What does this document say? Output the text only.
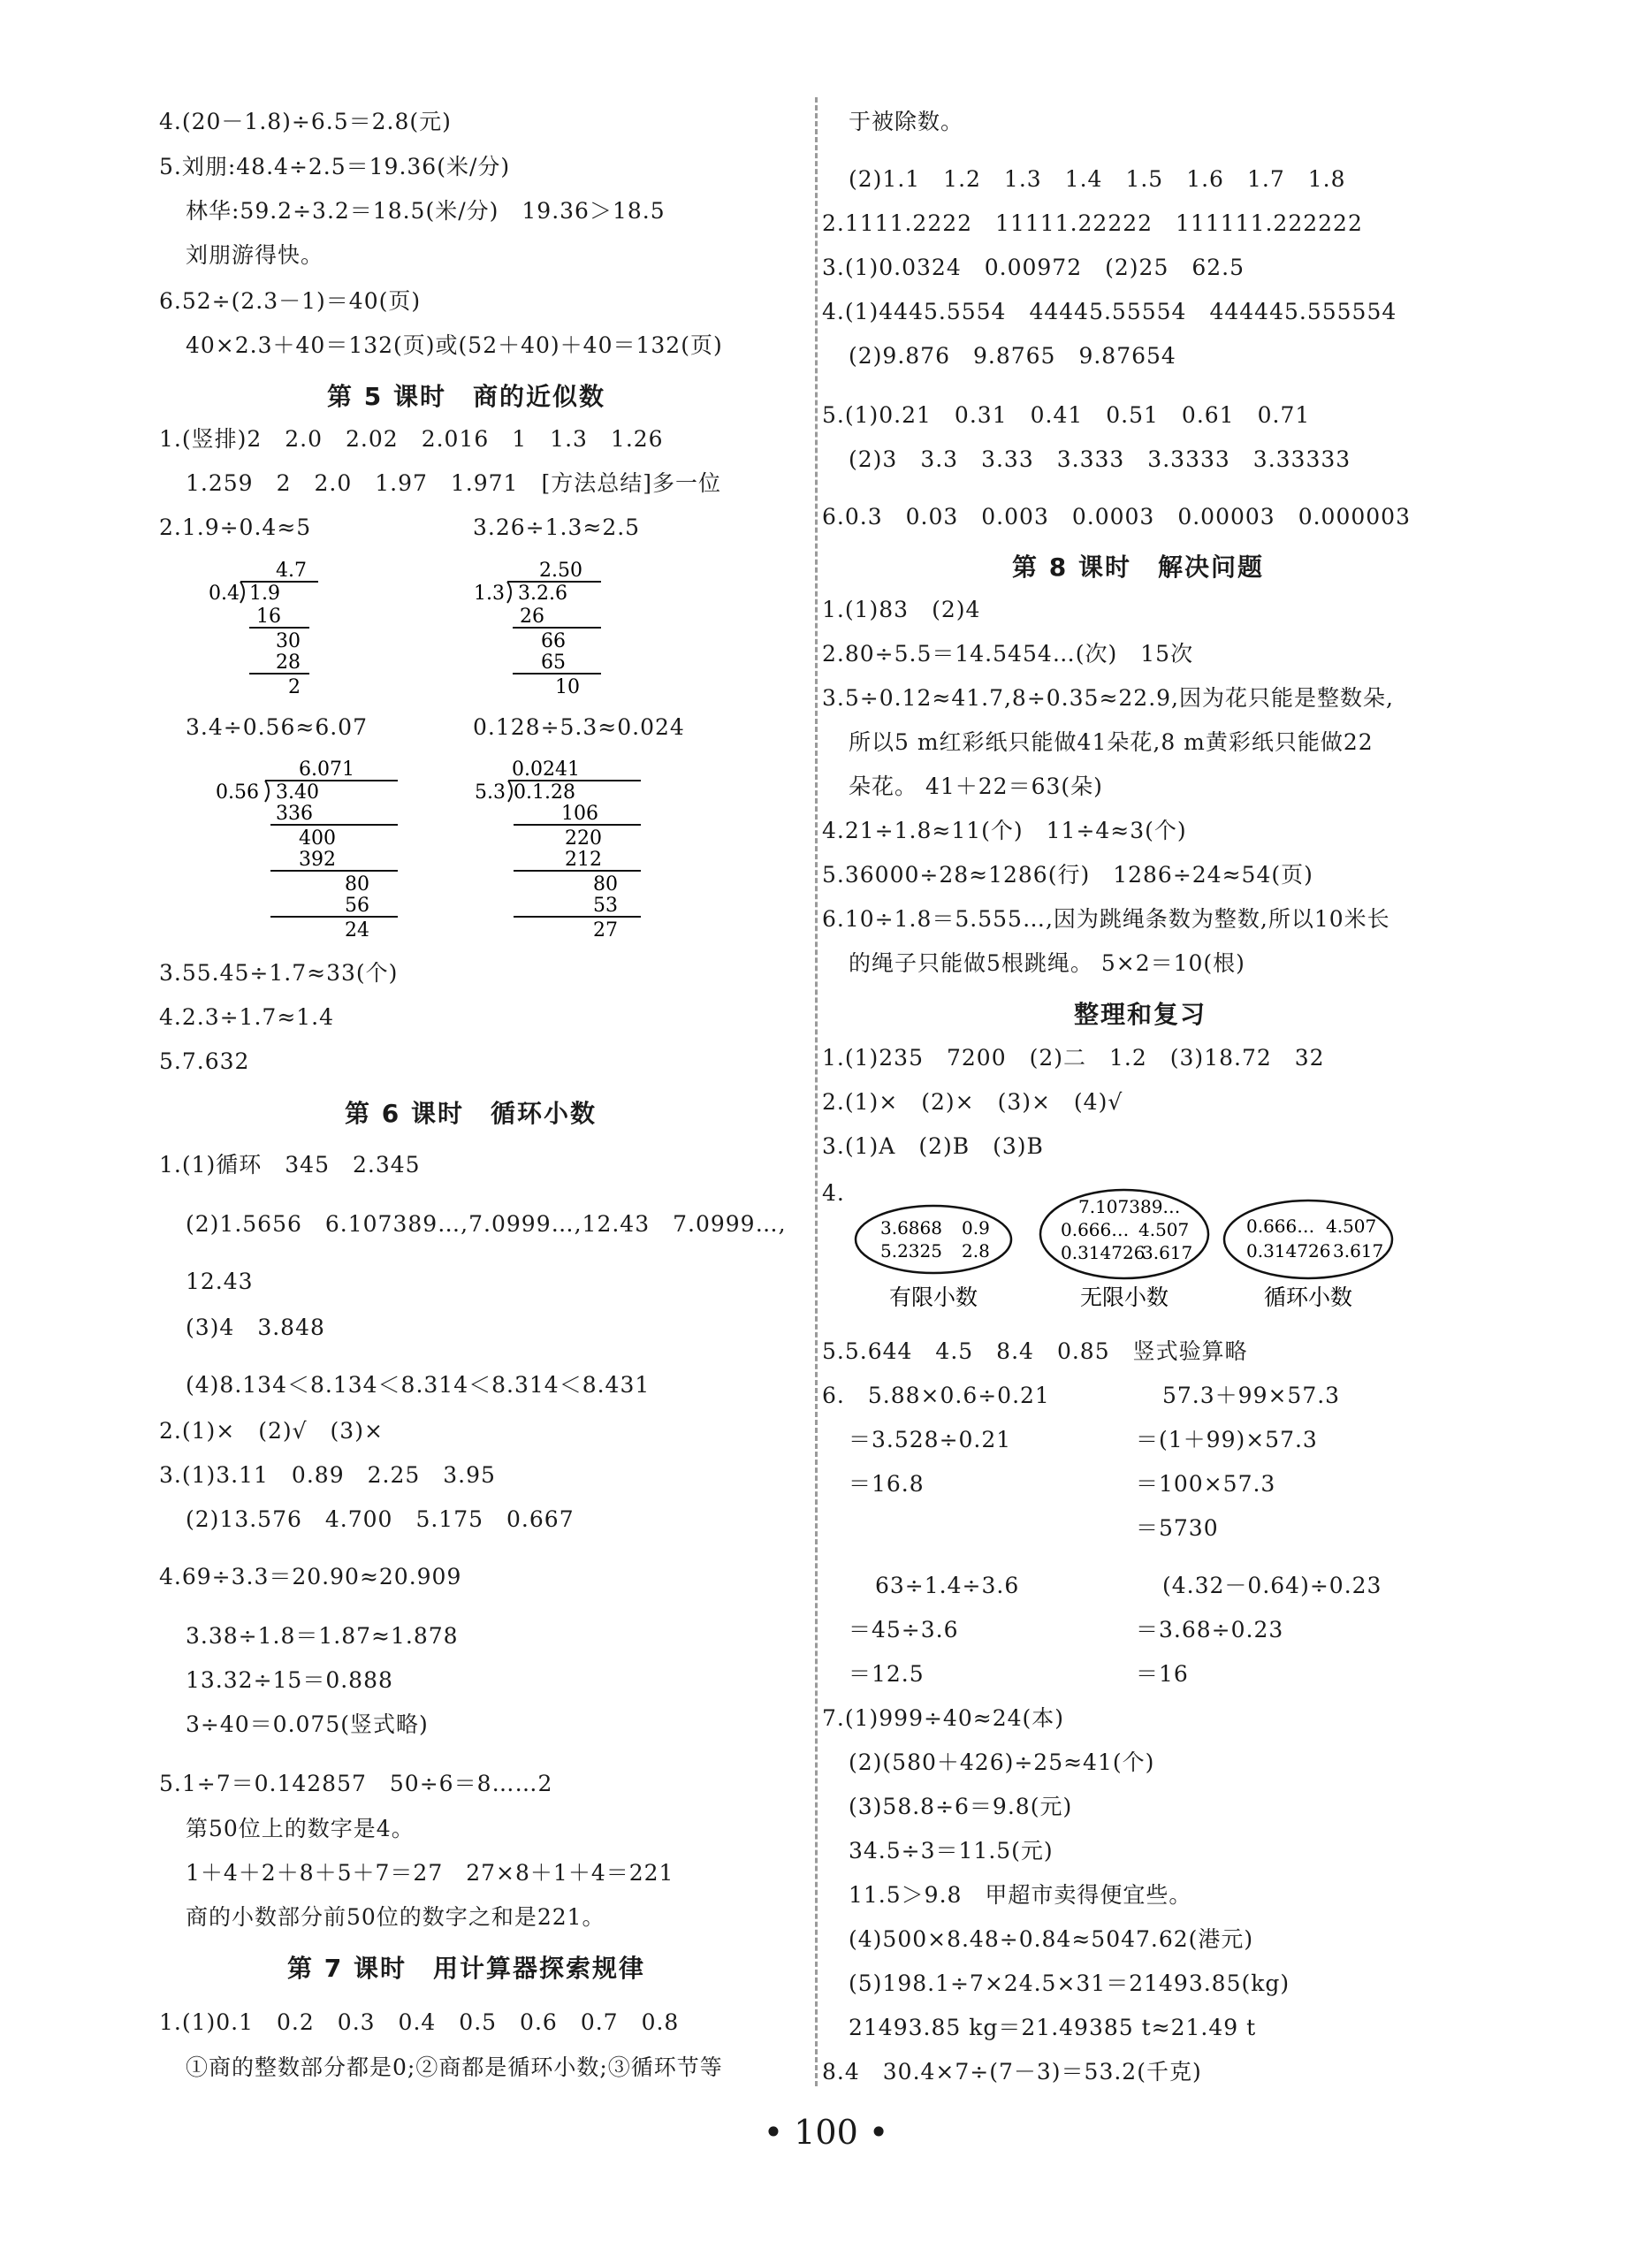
4.(20－1.8)÷6.5＝2.8(元)
5.刘朋:48.4÷2.5＝19.36(米/分)
林华:59.2÷3.2＝18.5(米/分)　19.36＞18.5
刘朋游得快。
6.52÷(2.3－1)＝40(页)
40×2.3＋40＝132(页)或(52＋40)＋40＝132(页)
第 5 课时　商的近似数
1.(竖排)2　2.0　2.02　2.016　1　1.3　1.26
1.259　2　2.0　1.97　1.971　[方法总结]多一位
2.1.9÷0.4≈5	3.26÷1.3≈2.5
4.7
0.4 1.9
16
30
28
2
2.50
1.3 3.2.6
26
66
65
10
3.4÷0.56≈6.07	0.128÷5.3≈0.024
6.071
0.56 3.40
336
400
392
80
56
24
0.0241
5.3 0.1.28
106
220
212
80
53
27
3.55.45÷1.7≈33(个)
4.2.3÷1.7≈1.4
5.7.632
第 6 课时　循环小数
1.(1)循环　345　2.345
(2)1.5656　6.107389…,7.0999…,12.43　7.0999…,
12.43
(3)4　3.848
(4)8.134＜8.134＜8.314＜8.314＜8.431
2.(1)×　(2)√　(3)×
3.(1)3.11　0.89　2.25　3.95
(2)13.576　4.700　5.175　0.667
4.69÷3.3＝20.90≈20.909
3.38÷1.8＝1.87≈1.878
13.32÷15＝0.888
3÷40＝0.075(竖式略)
5.1÷7＝0.142857　50÷6＝8……2
第50位上的数字是4。
1＋4＋2＋8＋5＋7＝27　27×8＋1＋4＝221
商的小数部分前50位的数字之和是221。
第 7 课时　用计算器探索规律
1.(1)0.1　0.2　0.3　0.4　0.5　0.6　0.7　0.8
①商的整数部分都是0;②商都是循环小数;③循环节等
于被除数。
(2)1.1　1.2　1.3　1.4　1.5　1.6　1.7　1.8
2.1111.2222　11111.22222　111111.222222
3.(1)0.0324　0.00972　(2)25　62.5
4.(1)4445.5554　44445.55554　444445.555554
(2)9.876　9.8765　9.87654
5.(1)0.21　0.31　0.41　0.51　0.61　0.71
(2)3　3.3　3.33　3.333　3.3333　3.33333
6.0.3　0.03　0.003　0.0003　0.00003　0.000003
第 8 课时　解决问题
1.(1)83　(2)4
2.80÷5.5＝14.5454…(次)　15次
3.5÷0.12≈41.7,8÷0.35≈22.9,因为花只能是整数朵,
所以5 m红彩纸只能做41朵花,8 m黄彩纸只能做22
朵花。 41＋22＝63(朵)
4.21÷1.8≈11(个)　11÷4≈3(个)
5.36000÷28≈1286(行)　1286÷24≈54(页)
6.10÷1.8＝5.555…,因为跳绳条数为整数,所以10米长
的绳子只能做5根跳绳。 5×2＝10(根)
整理和复习
1.(1)235　7200　(2)二　1.2　(3)18.72　32
2.(1)×　(2)×　(3)×　(4)√
3.(1)A　(2)B　(3)B
4.
3.6868 0.9
5.2325 2.8
有限小数
7.107389…
0.666… 4.507
0.314726
3.617
无限小数
0.666… 4.507
0.314726 3.617
循环小数
5.5.644　4.5　8.4　0.85　竖式验算略
6.　5.88×0.6÷0.21	57.3＋99×57.3
＝3.528÷0.21	＝(1＋99)×57.3
＝16.8	＝100×57.3
＝5730
63÷1.4÷3.6	(4.32－0.64)÷0.23
＝45÷3.6	＝3.68÷0.23
＝12.5	＝16
7.(1)999÷40≈24(本)
(2)(580＋426)÷25≈41(个)
(3)58.8÷6＝9.8(元)
34.5÷3＝11.5(元)
11.5＞9.8　甲超市卖得便宜些。
(4)500×8.48÷0.84≈5047.62(港元)
(5)198.1÷7×24.5×31＝21493.85(kg)
21493.85 kg＝21.49385 t≈21.49 t
8.4　30.4×7÷(7－3)＝53.2(千克)
• 100 •
